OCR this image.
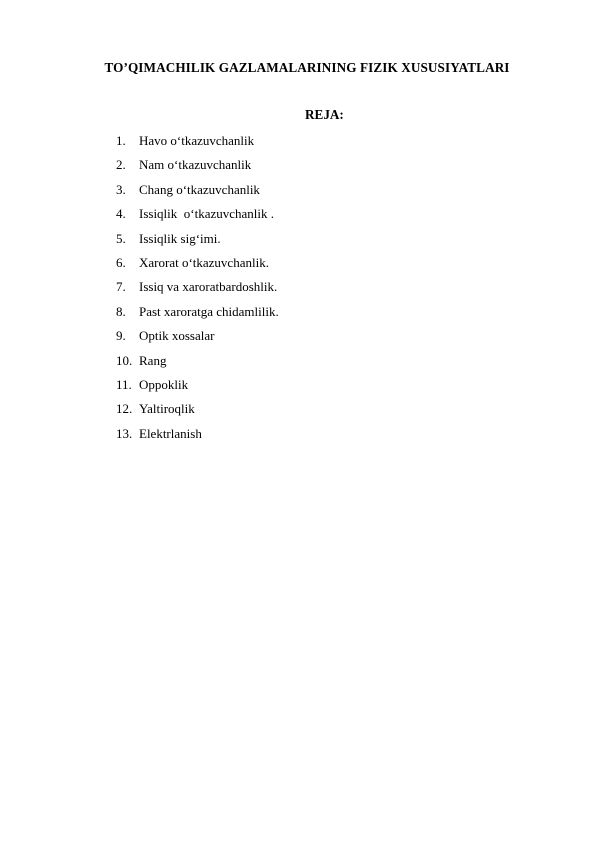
TO’QIMACHILIK GAZLAMALARINING FIZIK XUSUSIYATLARI
REJA:
1.	Havo o‘tkazuvchanlik
2.	Nam o‘tkazuvchanlik
3.	Chang o‘tkazuvchanlik
4.	Issiqlik  o‘tkazuvchanlik .
5.	Issiqlik sig‘imi.
6.	Xarorat o‘tkazuvchanlik.
7.	Issiq va xaroratbardoshlik.
8.	Past xaroratga chidamlilik.
9.	Optik xossalar
10. Rang
11. Oppoklik
12. Yaltiroqlik
13. Elektrlanish
